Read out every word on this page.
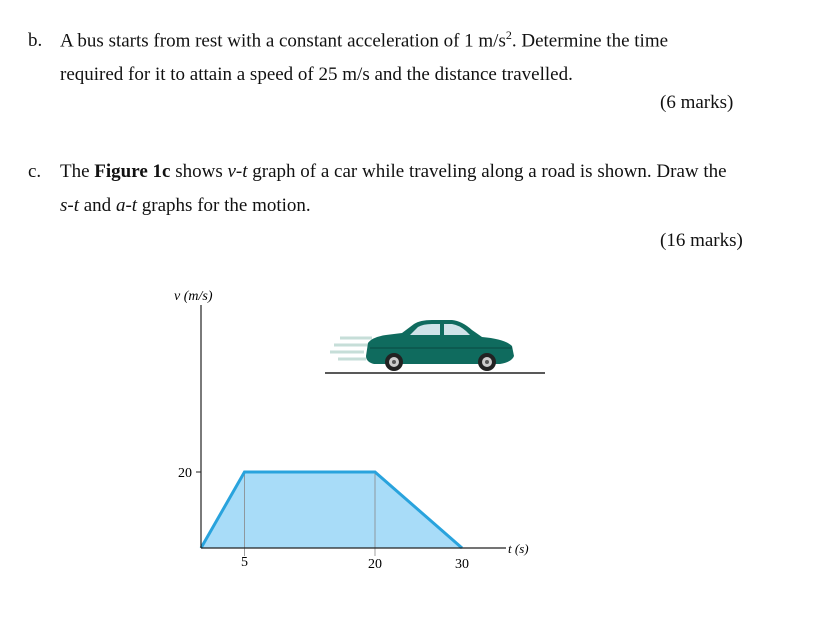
b. A bus starts from rest with a constant acceleration of 1 $m/s^2$. Determine the time
required for it to attain a speed of 25 m/s and the distance travelled.
(6 marks)
c. The Figure 1c shows v-t graph of a car while traveling along a road is shown. Draw the
s-t and a-t graphs for the motion.
(16 marks)
v (m/s)
t (s)
20
5	20	30
